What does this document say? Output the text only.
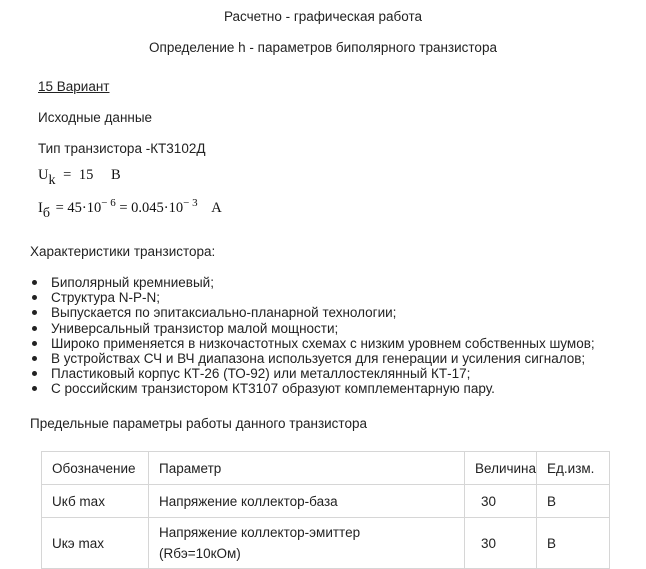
Расчетно - графическая работа
Определение h - параметров биполярного транзистора
15 Вариант
Исходные данные
Тип транзистора -КТ3102Д
Uk = 15 В
Iб = $45\cdot 10^{- 6} = 0.045\cdot 10^{- 3}$ А
Характеристики транзистора:
Биполярный кремниевый;
Структура N-P-N;
Выпускается по эпитаксиально-планарной технологии;
Универсальный транзистор малой мощности;
Широко применяется в низкочастотных схемах с низким уровнем собственных шумов;
В устройствах СЧ и ВЧ диапазона используется для генерации и усиления сигналов;
Пластиковый корпус КТ-26 (ТО-92) или металлостеклянный КТ-17;
С российским транзистором КТ3107 образуют комплементарную пару.
Предельные параметры работы данного транзистора
Обозначение	Параметр	Величина	Ед.изм.
Uкб max	Напряжение коллектор-база	30	В
Uкэ max	Напряжение коллектор-эмиттер
(Rбэ=10кОм)	30	В
